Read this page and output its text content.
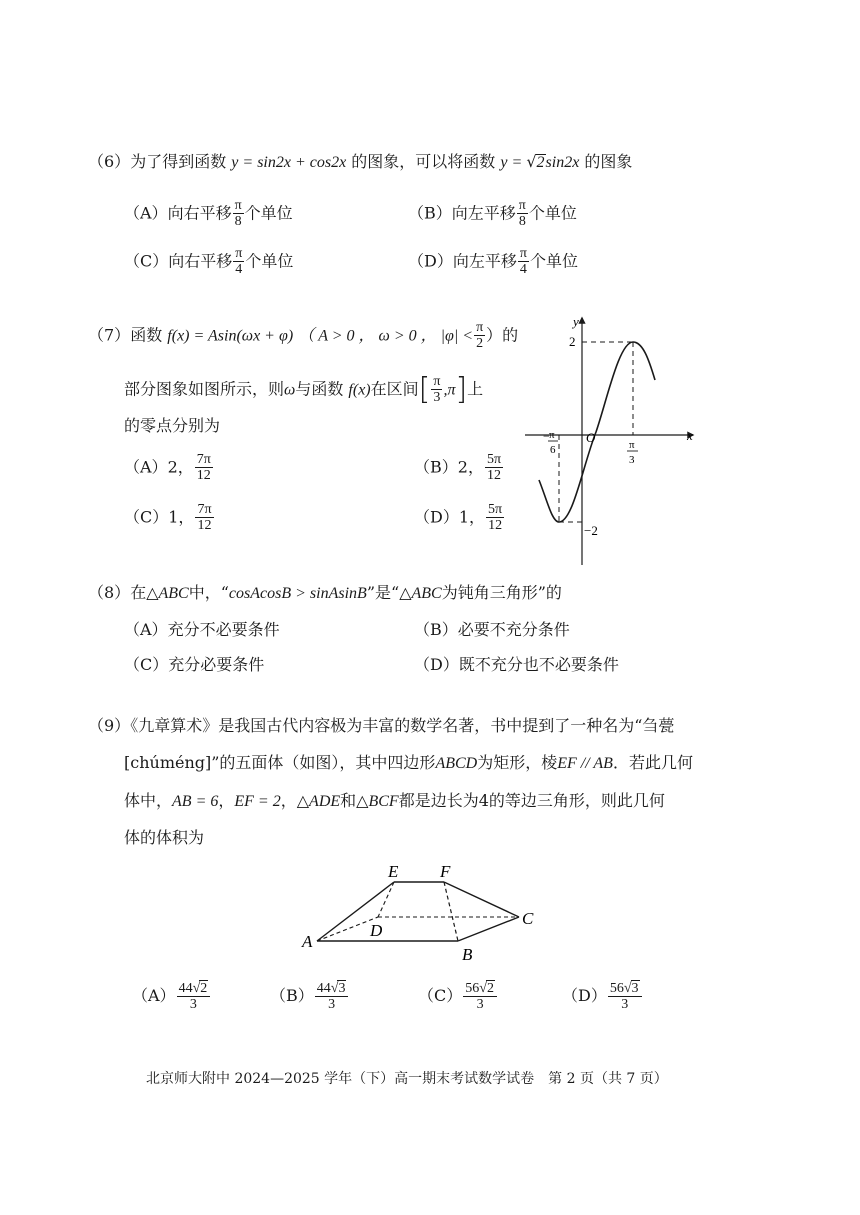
（6）为了得到函数 y = sin2x + cos2x 的图象，可以将函数 y = √2sin2x 的图象
（A）向右平移 $\frac{\pi}{8}$ 个单位	（B）向左平移 $\frac{\pi}{8}$ 个单位
（C）向右平移 $\frac{\pi}{4}$ 个单位	（D）向左平移 $\frac{\pi}{4}$ 个单位
（7）函数 f(x) = Asin(ωx + φ) （ A > 0 ， ω > 0 ， $|\varphi| < \frac{\pi}{2}$ ）的
部分图象如图所示，则ω与函数 f(x)在区间[ $\frac{\pi}{3} ,\pi$]上
的零点分别为
（A）2， $\frac{7\pi}{12}$	（B）2， $\frac{5\pi}{12}$
（C）1， $\frac{7\pi}{12}$	（D）1， $\frac{5\pi}{12}$
y
x
O
2
−2
− π
6	π
3
（8）在△ABC中，“cosAcosB > sinAsinB”是“△ABC为钝角三角形”的
（A）充分不必要条件	（B）必要不充分条件
（C）充分必要条件	（D）既不充分也不必要条件
（9）《九章算术》是我国古代内容极为丰富的数学名著，书中提到了一种名为“刍甍
[chúméng]”的五面体（如图），其中四边形ABCD为矩形，棱EF // AB．若此几何
体中，AB = 6，EF = 2，△ADE和△BCF都是边长为4的等边三角形，则此几何
体的体积为
E F
A
D
C
B
$(A) \frac{44√2}{3}$	$(B) \frac{44√3}{3}$	$(C) \frac{56√2}{3}$	$(D) \frac{56√3}{3}$
北京师大附中 2024—2025 学年（下）高一期末考试数学试卷　第 2 页（共 7 页）
